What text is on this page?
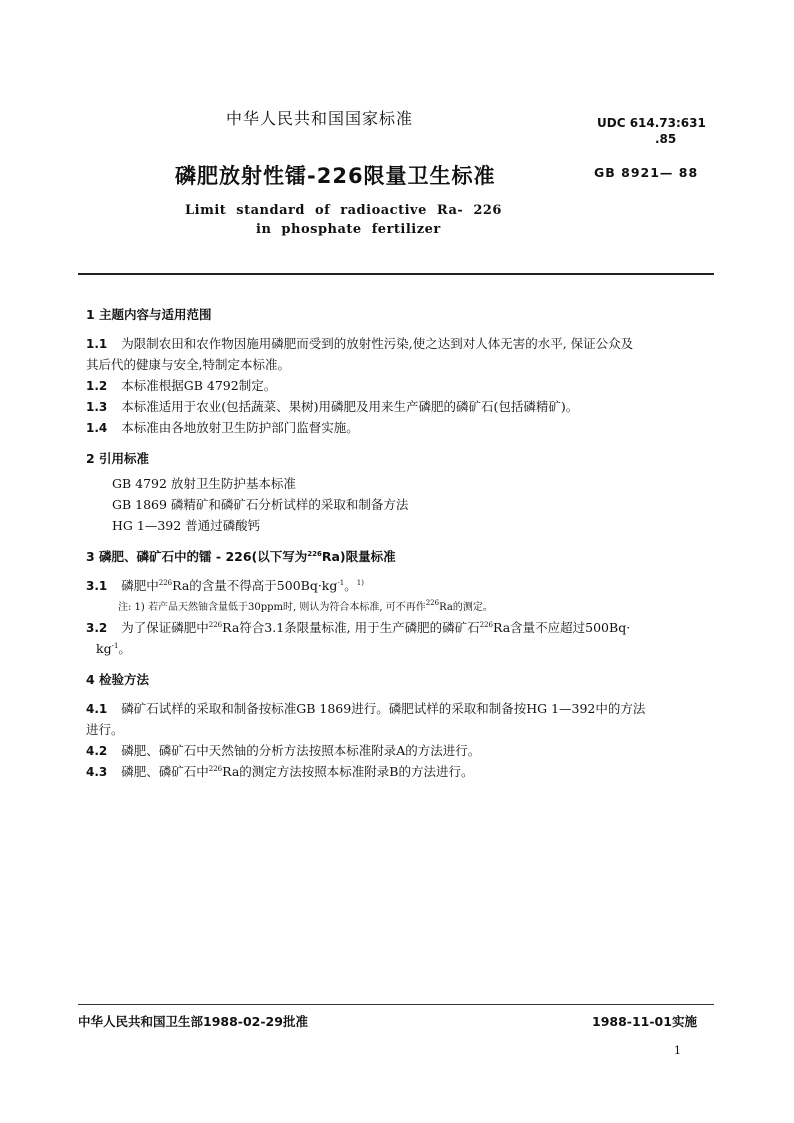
中华人民共和国国家标准	UDC 614.73:631
.85
磷肥放射性镭-226限量卫生标准	GB 8921— 88
Limit standard of radioactive Ra- 226
in phosphate fertilizer
1 主题内容与适用范围
1.1 为限制农田和农作物因施用磷肥而受到的放射性污染,使之达到对人体无害的水平, 保证公众及
其后代的健康与安全,特制定本标准。
1.2 本标准根据GB 4792制定。
1.3 本标准适用于农业(包括蔬菜、果树)用磷肥及用来生产磷肥的磷矿石(包括磷精矿)。
1.4 本标准由各地放射卫生防护部门监督实施。
2 引用标准
GB 4792 放射卫生防护基本标准
GB 1869 磷精矿和磷矿石分析试样的采取和制备方法
HG 1—392 普通过磷酸钙
3 磷肥、磷矿石中的镭 - 226(以下写为$^{226}$Ra)限量标准
3.1 磷肥中$^{226}$Ra的含量不得高于$500Bq\cdot kg^{-1}$。$^{1)}$
注: 1) 若产品天然铀含量低于30ppm时, 则认为符合本标准, 可不再作$^{226}$Ra的测定。
3.2 为了保证磷肥中$^{226}$Ra符合3.1条限量标准, 用于生产磷肥的磷矿石$^{226}$Ra含量不应超过500Bq·
$kg^{-1}$。
4 检验方法
4.1 磷矿石试样的采取和制备按标准GB 1869进行。磷肥试样的采取和制备按HG 1—392中的方法
进行。
4.2 磷肥、磷矿石中天然铀的分析方法按照本标准附录A的方法进行。
4.3 磷肥、磷矿石中$^{226}$Ra的测定方法按照本标准附录B的方法进行。
中华人民共和国卫生部1988-02-29批准	1988-11-01实施
1
